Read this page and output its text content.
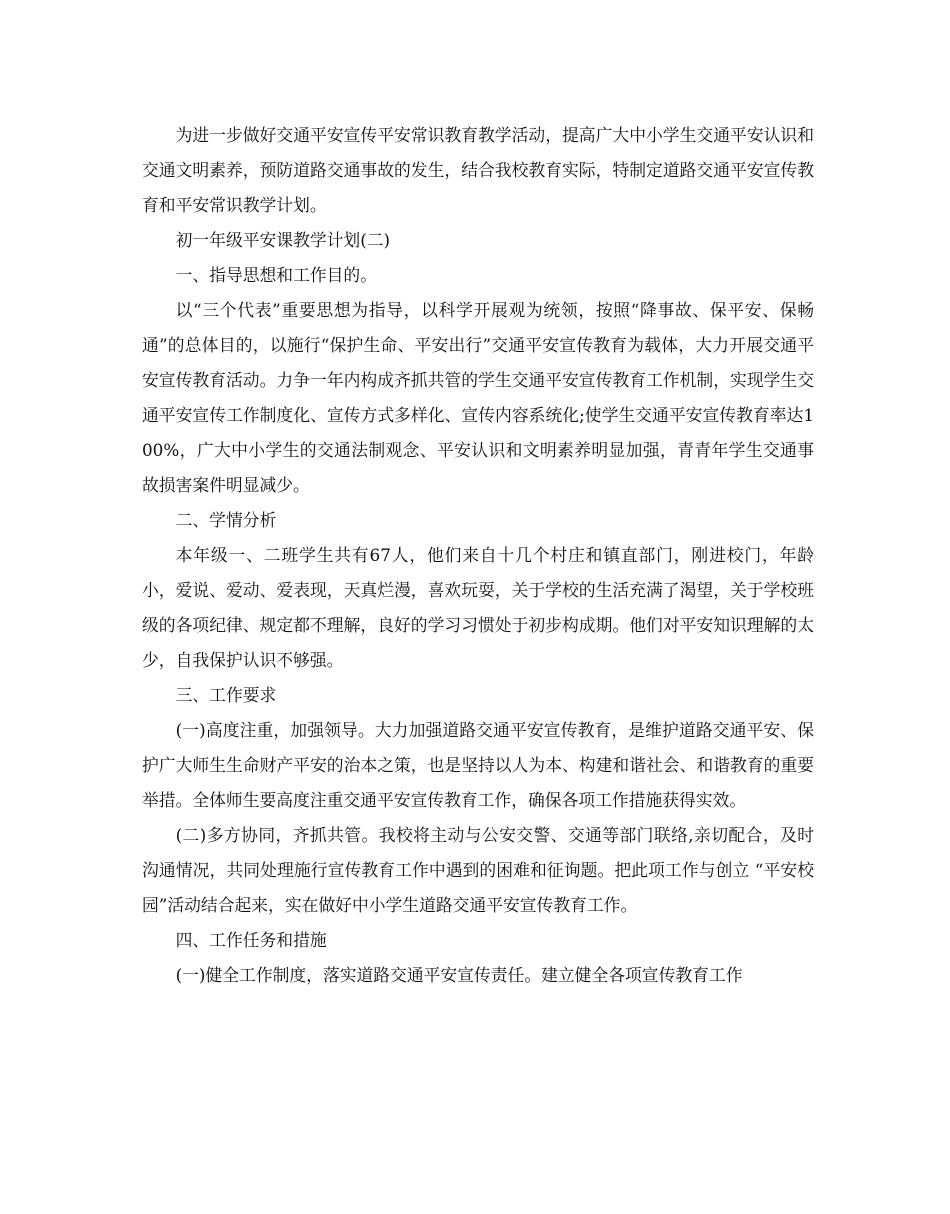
为进一步做好交通平安宣传平安常识教育教学活动，提高广大中小学生交通平安认识和交通文明素养，预防道路交通事故的发生，结合我校教育实际，特制定道路交通平安宣传教育和平安常识教学计划。

初一年级平安课教学计划(二)

一、指导思想和工作目的。

以“三个代表”重要思想为指导，以科学开展观为统领，按照“降事故、保平安、保畅通”的总体目的，以施行“保护生命、平安出行”交通平安宣传教育为载体，大力开展交通平安宣传教育活动。力争一年内构成齐抓共管的学生交通平安宣传教育工作机制，实现学生交通平安宣传工作制度化、宣传方式多样化、宣传内容系统化;使学生交通平安宣传教育率达100%，广大中小学生的交通法制观念、平安认识和文明素养明显加强，青青年学生交通事故损害案件明显减少。

二、学情分析

本年级一、二班学生共有67人，他们来自十几个村庄和镇直部门，刚进校门，年龄小，爱说、爱动、爱表现，天真烂漫，喜欢玩耍，关于学校的生活充满了渴望，关于学校班级的各项纪律、规定都不理解，良好的学习习惯处于初步构成期。他们对平安知识理解的太少，自我保护认识不够强。

三、工作要求

(一)高度注重，加强领导。大力加强道路交通平安宣传教育，是维护道路交通平安、保护广大师生生命财产平安的治本之策，也是坚持以人为本、构建和谐社会、和谐教育的重要举措。全体师生要高度注重交通平安宣传教育工作，确保各项工作措施获得实效。

(二)多方协同，齐抓共管。我校将主动与公安交警、交通等部门联络,亲切配合，及时沟通情况，共同处理施行宣传教育工作中遇到的困难和征询题。把此项工作与创立 “平安校园”活动结合起来，实在做好中小学生道路交通平安宣传教育工作。

四、工作任务和措施

(一)健全工作制度，落实道路交通平安宣传责任。建立健全各项宣传教育工作
